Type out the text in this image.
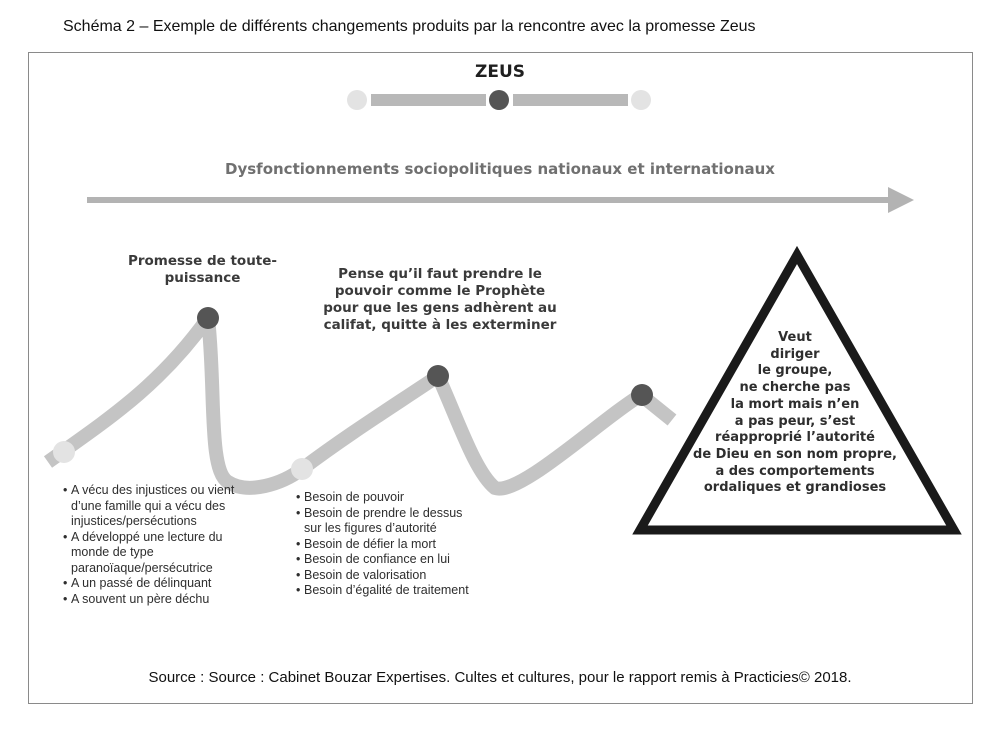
Schéma 2 – Exemple de différents changements produits par la rencontre avec la promesse Zeus
ZEUS
Dysfonctionnements sociopolitiques nationaux et internationaux
Promesse de toute-puissance	Pense qu’il faut prendre le pouvoir comme le Prophète pour que les gens adhèrent au califat, quitte à les exterminer
Veut
diriger
le groupe,
ne cherche pas
la mort mais n’en
a pas peur, s’est
réapproprié l’autorité
de Dieu en son nom propre,
a des comportements
ordaliques et grandioses
• A vécu des injustices ou vient d’une famille qui a vécu des injustices/persécutions
• A développé une lecture du monde de type paranoïaque/persécutrice
• A un passé de délinquant
• A souvent un père déchu
• Besoin de pouvoir
• Besoin de prendre le dessus sur les figures d’autorité
• Besoin de défier la mort
• Besoin de confiance en lui
• Besoin de valorisation
• Besoin d’égalité de traitement
Source : Source : Cabinet Bouzar Expertises. Cultes et cultures, pour le rapport remis à Practicies© 2018.
